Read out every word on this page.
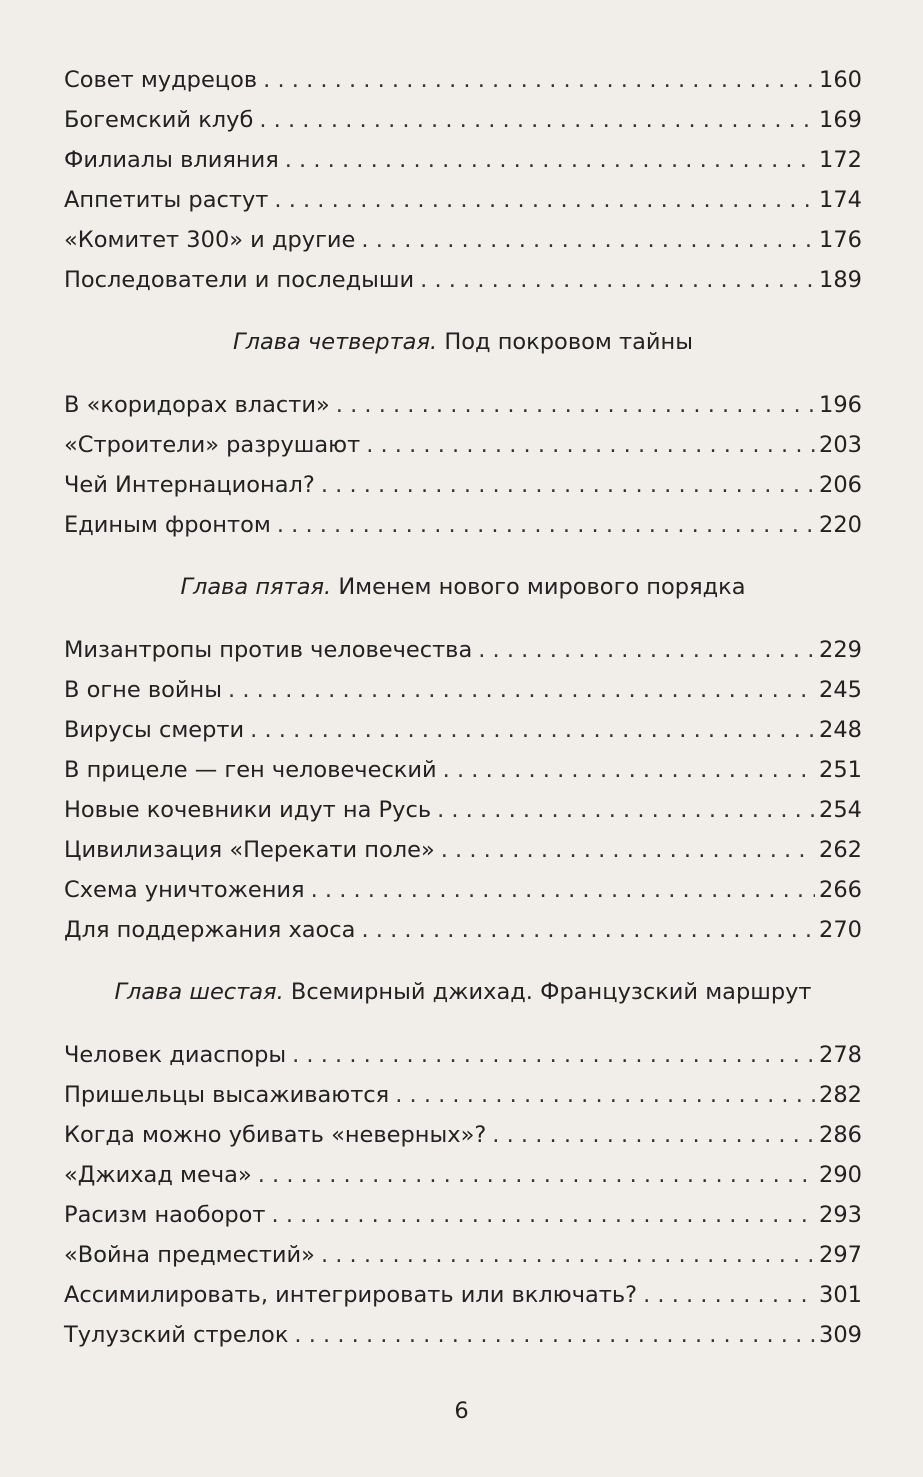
Совет мудрецов . . .	160
Богемский клуб . . .	169
Филиалы влияния . . .	172
Аппетиты растут . . .	174
«Комитет 300» и другие . . .	176
Последователи и последыши . . .	189
Глава четвертая. Под покровом тайны
В «коридорах власти» . . .	196
«Строители» разрушают . . .	203
Чей Интернационал? . . .	206
Единым фронтом . . .	220
Глава пятая. Именем нового мирового порядка
Мизантропы против человечества . . .	229
В огне войны . . .	245
Вирусы смерти . . .	248
В прицеле — ген человеческий . . .	251
Новые кочевники идут на Русь . . .	254
Цивилизация «Перекати поле» . . .	262
Схема уничтожения . . .	266
Для поддержания хаоса . . .	270
Глава шестая. Всемирный джихад. Французский маршрут
Человек диаспоры . . .	278
Пришельцы высаживаются . . .	282
Когда можно убивать «неверных»? . . .	286
«Джихад меча» . . .	290
Расизм наоборот . . .	293
«Война предместий» . . .	297
Ассимилировать, интегрировать или включать? . . .	301
Тулузский стрелок . . .	309
6
